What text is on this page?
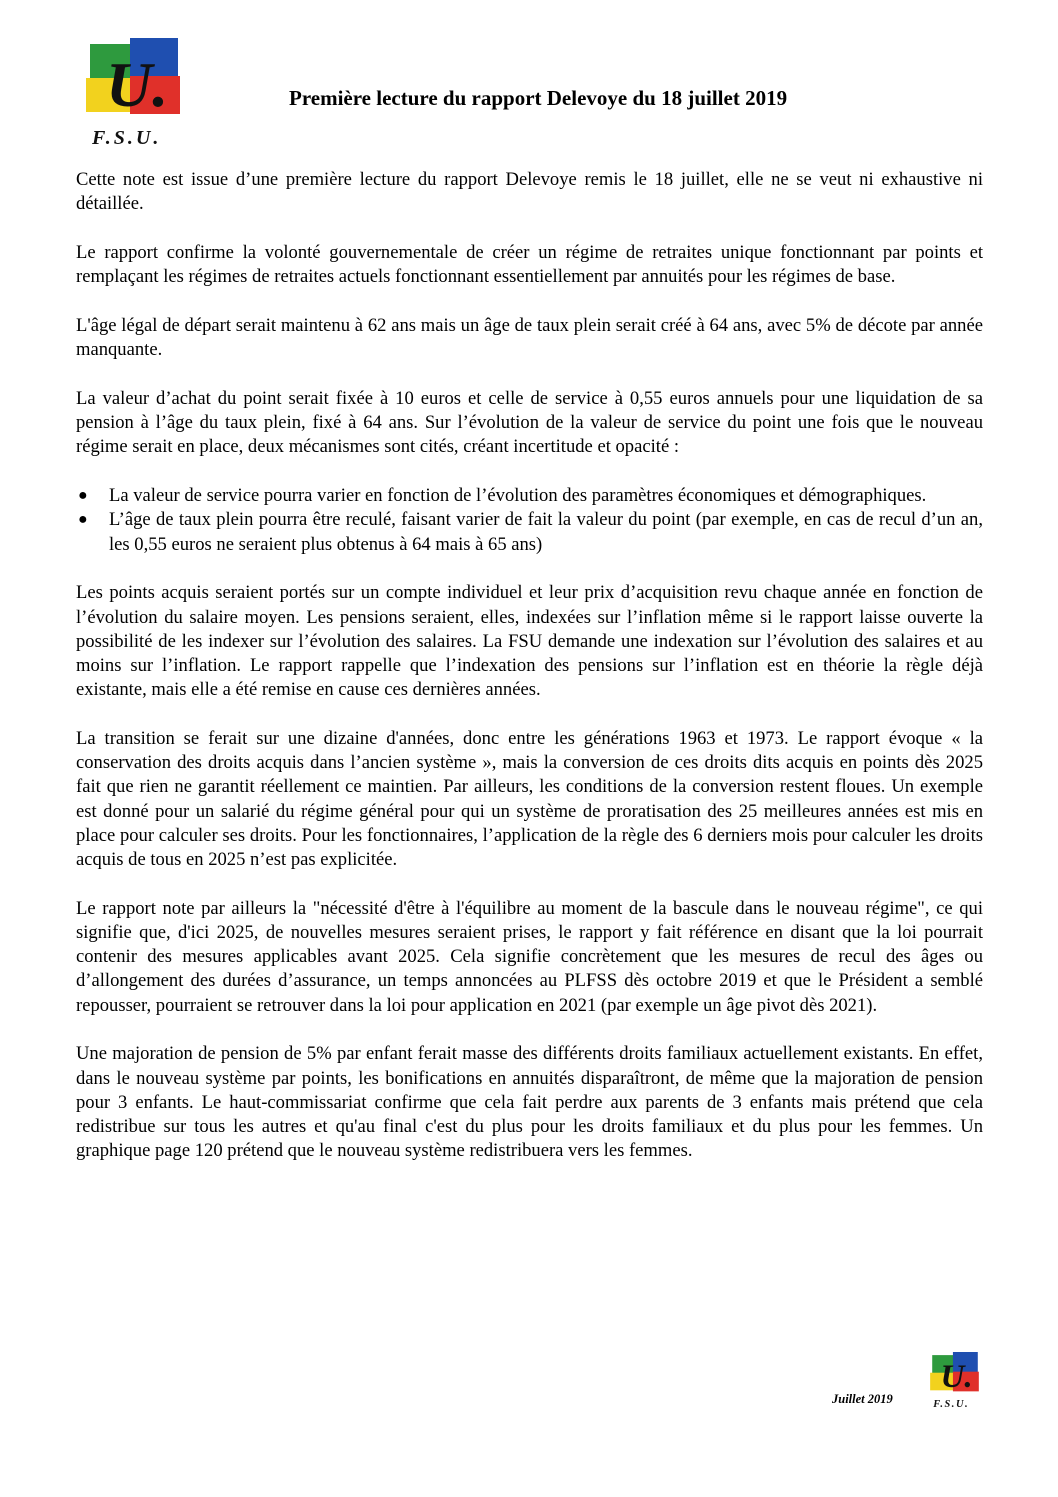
U.
F.S.U.
Première lecture du rapport Delevoye du 18 juillet 2019

Cette note est issue d’une première lecture du rapport Delevoye remis le 18 juillet, elle ne se veut ni exhaustive ni détaillée.

Le rapport confirme la volonté gouvernementale de créer un régime de retraites unique fonctionnant par points et remplaçant les régimes de retraites actuels fonctionnant essentiellement par annuités pour les régimes de base.

L'âge légal de départ serait maintenu à 62 ans mais un âge de taux plein serait créé à 64 ans, avec 5% de décote par année manquante.

La valeur d’achat du point serait fixée à 10 euros et celle de service à 0,55 euros annuels pour une liquidation de sa pension à l’âge du taux plein, fixé à 64 ans. Sur l’évolution de la valeur de service du point une fois que le nouveau régime serait en place, deux mécanismes sont cités, créant incertitude et opacité :

● La valeur de service pourra varier en fonction de l’évolution des paramètres économiques et démographiques.
● L’âge de taux plein pourra être reculé, faisant varier de fait la valeur du point (par exemple, en cas de recul d’un an, les 0,55 euros ne seraient plus obtenus à 64 mais à 65 ans)

Les points acquis seraient portés sur un compte individuel et leur prix d’acquisition revu chaque année en fonction de l’évolution du salaire moyen. Les pensions seraient, elles, indexées sur l’inflation même si le rapport laisse ouverte la possibilité de les indexer sur l’évolution des salaires. La FSU demande une indexation sur l’évolution des salaires et au moins sur l’inflation. Le rapport rappelle que l’indexation des pensions sur l’inflation est en théorie la règle déjà existante, mais elle a été remise en cause ces dernières années.

La transition se ferait sur une dizaine d'années, donc entre les générations 1963 et 1973. Le rapport évoque « la conservation des droits acquis dans l’ancien système », mais la conversion de ces droits dits acquis en points dès 2025 fait que rien ne garantit réellement ce maintien. Par ailleurs, les conditions de la conversion restent floues. Un exemple est donné pour un salarié du régime général pour qui un système de proratisation des 25 meilleures années est mis en place pour calculer ses droits. Pour les fonctionnaires, l’application de la règle des 6 derniers mois pour calculer les droits acquis de tous en 2025 n’est pas explicitée.

Le rapport note par ailleurs la "nécessité d'être à l'équilibre au moment de la bascule dans le nouveau régime", ce qui signifie que, d'ici 2025, de nouvelles mesures seraient prises, le rapport y fait référence en disant que la loi pourrait contenir des mesures applicables avant 2025. Cela signifie concrètement que les mesures de recul des âges ou d’allongement des durées d’assurance, un temps annoncées au PLFSS dès octobre 2019 et que le Président a semblé repousser, pourraient se retrouver dans la loi pour application en 2021 (par exemple un âge pivot dès 2021).

Une majoration de pension de 5% par enfant ferait masse des différents droits familiaux actuellement existants. En effet, dans le nouveau système par points, les bonifications en annuités disparaîtront, de même que la majoration de pension pour 3 enfants. Le haut-commissariat confirme que cela fait perdre aux parents de 3 enfants mais prétend que cela redistribue sur tous les autres et qu'au final c'est du plus pour les droits familiaux et du plus pour les femmes. Un graphique page 120 prétend que le nouveau système redistribuera vers les femmes.

Juillet 2019
U.
F.S.U.
